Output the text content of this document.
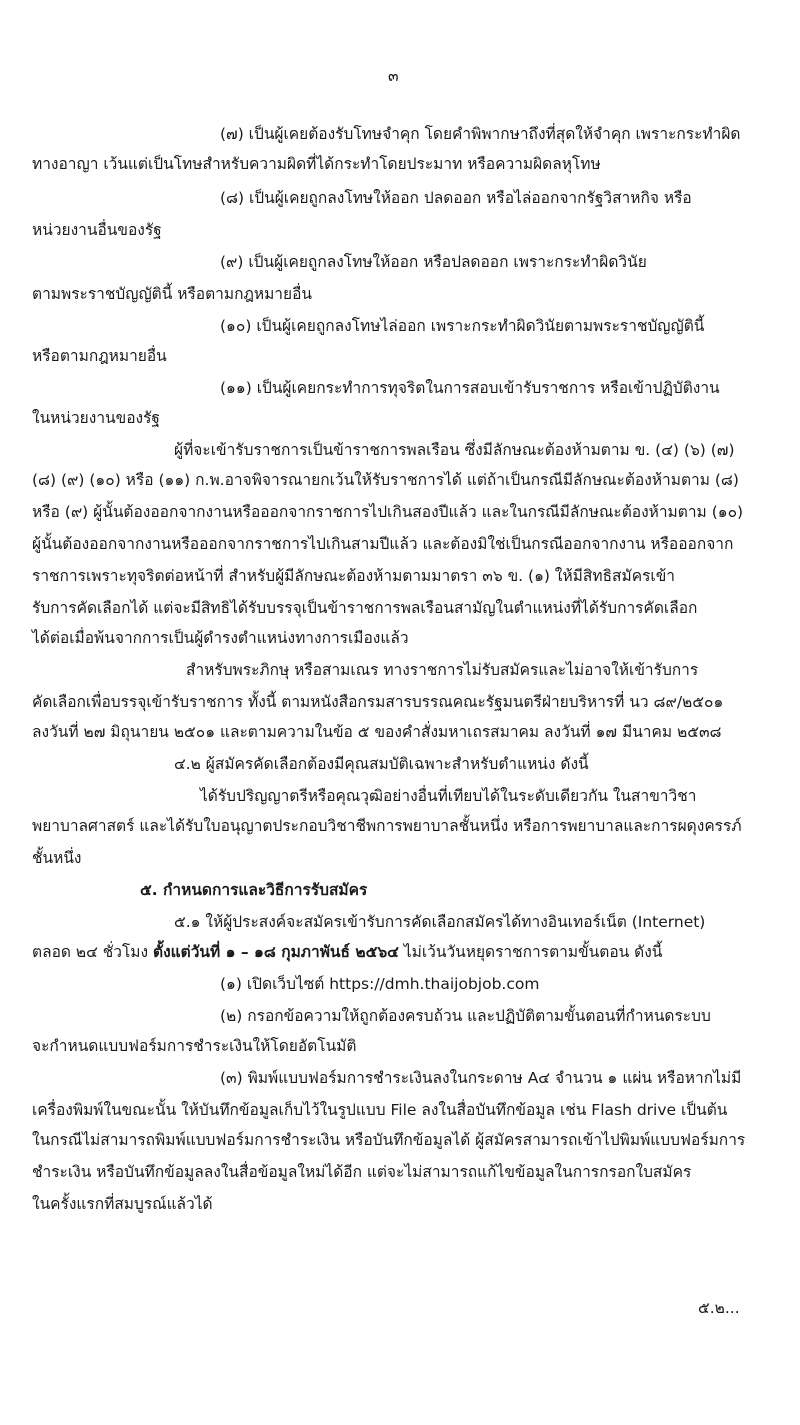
๓
(๗) เป็นผู้เคยต้องรับโทษจำคุก โดยคำพิพากษาถึงที่สุดให้จำคุก เพราะกระทำผิด
ทางอาญา เว้นแต่เป็นโทษสำหรับความผิดที่ได้กระทำโดยประมาท หรือความผิดลหุโทษ
(๘) เป็นผู้เคยถูกลงโทษให้ออก ปลดออก หรือไล่ออกจากรัฐวิสาหกิจ หรือ
หน่วยงานอื่นของรัฐ
(๙) เป็นผู้เคยถูกลงโทษให้ออก หรือปลดออก เพราะกระทำผิดวินัย
ตามพระราชบัญญัตินี้ หรือตามกฎหมายอื่น
(๑๐) เป็นผู้เคยถูกลงโทษไล่ออก เพราะกระทำผิดวินัยตามพระราชบัญญัตินี้
หรือตามกฎหมายอื่น
(๑๑) เป็นผู้เคยกระทำการทุจริตในการสอบเข้ารับราชการ หรือเข้าปฏิบัติงาน
ในหน่วยงานของรัฐ
ผู้ที่จะเข้ารับราชการเป็นข้าราชการพลเรือน ซึ่งมีลักษณะต้องห้ามตาม ข. (๔) (๖) (๗)
(๘) (๙) (๑๐) หรือ (๑๑) ก.พ.อาจพิจารณายกเว้นให้รับราชการได้ แต่ถ้าเป็นกรณีมีลักษณะต้องห้ามตาม (๘)
หรือ (๙) ผู้นั้นต้องออกจากงานหรือออกจากราชการไปเกินสองปีแล้ว และในกรณีมีลักษณะต้องห้ามตาม (๑๐)
ผู้นั้นต้องออกจากงานหรือออกจากราชการไปเกินสามปีแล้ว และต้องมิใช่เป็นกรณีออกจากงาน หรือออกจาก
ราชการเพราะทุจริตต่อหน้าที่ สำหรับผู้มีลักษณะต้องห้ามตามมาตรา ๓๖ ข. (๑) ให้มีสิทธิสมัครเข้า
รับการคัดเลือกได้ แต่จะมีสิทธิได้รับบรรจุเป็นข้าราชการพลเรือนสามัญในตำแหน่งที่ได้รับการคัดเลือก
ได้ต่อเมื่อพ้นจากการเป็นผู้ดำรงตำแหน่งทางการเมืองแล้ว
สำหรับพระภิกษุ หรือสามเณร ทางราชการไม่รับสมัครและไม่อาจให้เข้ารับการ
คัดเลือกเพื่อบรรจุเข้ารับราชการ ทั้งนี้ ตามหนังสือกรมสารบรรณคณะรัฐมนตรีฝ่ายบริหารที่ นว ๘๙/๒๕๐๑
ลงวันที่ ๒๗ มิถุนายน ๒๕๐๑ และตามความในข้อ ๕ ของคำสั่งมหาเถรสมาคม ลงวันที่ ๑๗ มีนาคม ๒๕๓๘
๔.๒ ผู้สมัครคัดเลือกต้องมีคุณสมบัติเฉพาะสำหรับตำแหน่ง ดังนี้
ได้รับปริญญาตรีหรือคุณวุฒิอย่างอื่นที่เทียบได้ในระดับเดียวกัน ในสาขาวิชา
พยาบาลศาสตร์ และได้รับใบอนุญาตประกอบวิชาชีพการพยาบาลชั้นหนึ่ง หรือการพยาบาลและการผดุงครรภ์
ชั้นหนึ่ง
๕. กำหนดการและวิธีการรับสมัคร
๕.๑ ให้ผู้ประสงค์จะสมัครเข้ารับการคัดเลือกสมัครได้ทางอินเทอร์เน็ต (Internet)
ตลอด ๒๔ ชั่วโมง ตั้งแต่วันที่ ๑ – ๑๘ กุมภาพันธ์ ๒๕๖๔ ไม่เว้นวันหยุดราชการตามขั้นตอน ดังนี้
(๑) เปิดเว็บไซต์ https://dmh.thaijobjob.com
(๒) กรอกข้อความให้ถูกต้องครบถ้วน และปฏิบัติตามขั้นตอนที่กำหนดระบบ
จะกำหนดแบบฟอร์มการชำระเงินให้โดยอัตโนมัติ
(๓) พิมพ์แบบฟอร์มการชำระเงินลงในกระดาษ A๔ จำนวน ๑ แผ่น หรือหากไม่มี
เครื่องพิมพ์ในขณะนั้น ให้บันทึกข้อมูลเก็บไว้ในรูปแบบ File ลงในสื่อบันทึกข้อมูล เช่น Flash drive เป็นต้น
ในกรณีไม่สามารถพิมพ์แบบฟอร์มการชำระเงิน หรือบันทึกข้อมูลได้ ผู้สมัครสามารถเข้าไปพิมพ์แบบฟอร์มการ
ชำระเงิน หรือบันทึกข้อมูลลงในสื่อข้อมูลใหม่ได้อีก แต่จะไม่สามารถแก้ไขข้อมูลในการกรอกใบสมัคร
ในครั้งแรกที่สมบูรณ์แล้วได้
๕.๒...
